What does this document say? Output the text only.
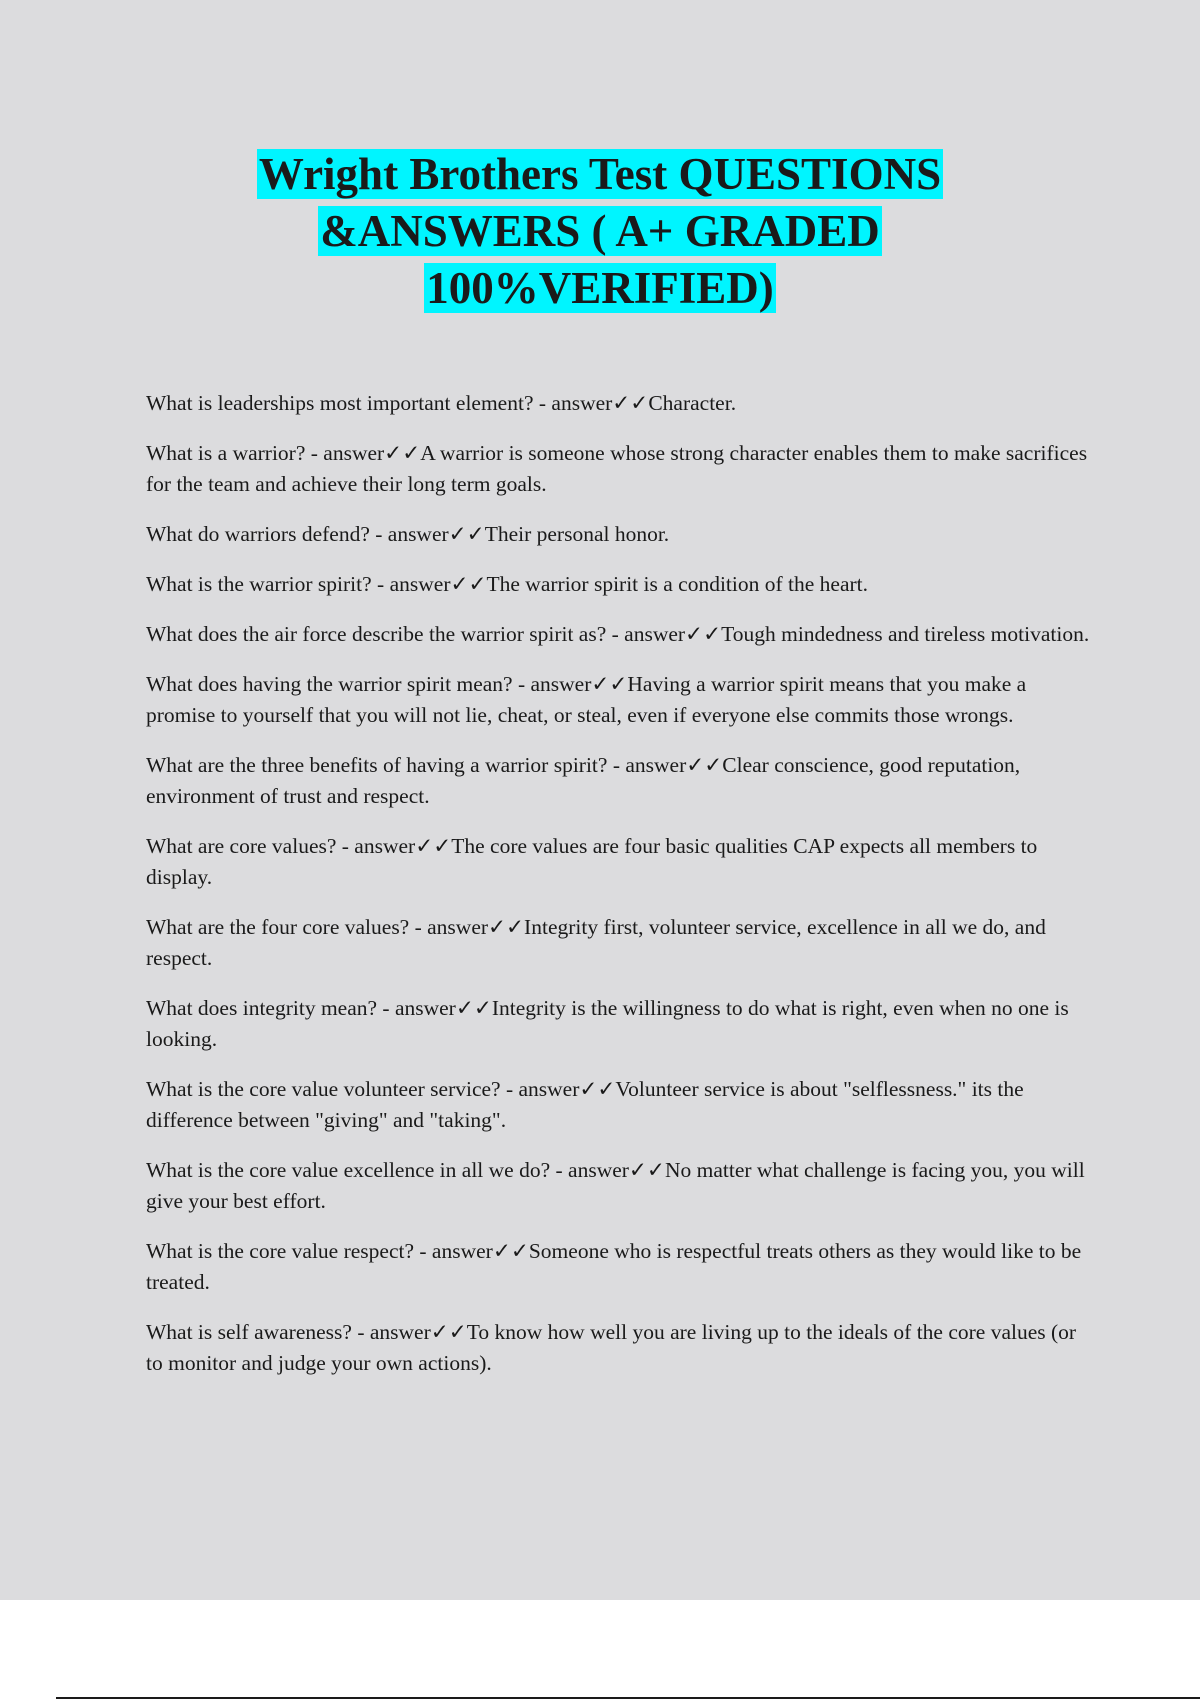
Wright Brothers Test QUESTIONS
&ANSWERS ( A+ GRADED
100%VERIFIED)
What is leaderships most important element? - answer✓✓Character.
What is a warrior? - answer✓✓A warrior is someone whose strong character enables them to make sacrifices for the team and achieve their long term goals.
What do warriors defend? - answer✓✓Their personal honor.
What is the warrior spirit? - answer✓✓The warrior spirit is a condition of the heart.
What does the air force describe the warrior spirit as? - answer✓✓Tough mindedness and tireless motivation.
What does having the warrior spirit mean? - answer✓✓Having a warrior spirit means that you make a promise to yourself that you will not lie, cheat, or steal, even if everyone else commits those wrongs.
What are the three benefits of having a warrior spirit? - answer✓✓Clear conscience, good reputation, environment of trust and respect.
What are core values? - answer✓✓The core values are four basic qualities CAP expects all members to display.
What are the four core values? - answer✓✓Integrity first, volunteer service, excellence in all we do, and respect.
What does integrity mean? - answer✓✓Integrity is the willingness to do what is right, even when no one is looking.
What is the core value volunteer service? - answer✓✓Volunteer service is about "selflessness." its the difference between "giving" and "taking".
What is the core value excellence in all we do? - answer✓✓No matter what challenge is facing you, you will give your best effort.
What is the core value respect? - answer✓✓Someone who is respectful treats others as they would like to be treated.
What is self awareness? - answer✓✓To know how well you are living up to the ideals of the core values (or to monitor and judge your own actions).
